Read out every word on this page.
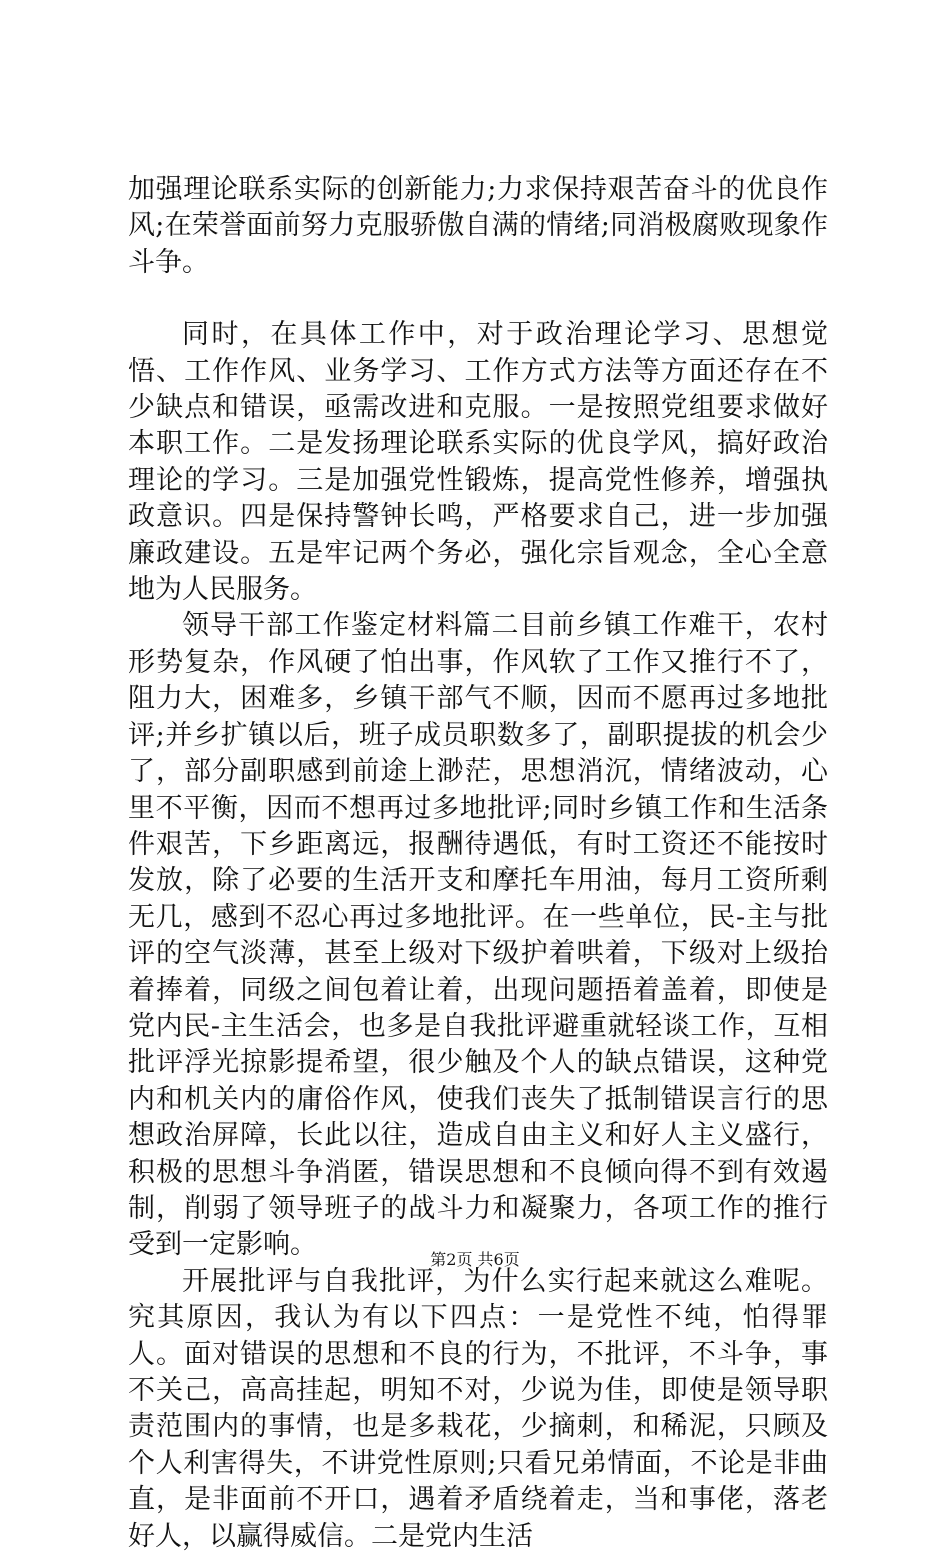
加强理论联系实际的创新能力;力求保持艰苦奋斗的优良作风;在荣誉面前努力克服骄傲自满的情绪;同消极腐败现象作斗争。

同时，在具体工作中，对于政治理论学习、思想觉悟、工作作风、业务学习、工作方式方法等方面还存在不少缺点和错误，亟需改进和克服。一是按照党组要求做好本职工作。二是发扬理论联系实际的优良学风，搞好政治理论的学习。三是加强党性锻炼，提高党性修养，增强执政意识。四是保持警钟长鸣，严格要求自己，进一步加强廉政建设。五是牢记两个务必，强化宗旨观念，全心全意地为人民服务。

领导干部工作鉴定材料篇二目前乡镇工作难干，农村形势复杂，作风硬了怕出事，作风软了工作又推行不了，阻力大，困难多，乡镇干部气不顺，因而不愿再过多地批评;并乡扩镇以后，班子成员职数多了，副职提拔的机会少了，部分副职感到前途上渺茫，思想消沉，情绪波动，心里不平衡，因而不想再过多地批评;同时乡镇工作和生活条件艰苦，下乡距离远，报酬待遇低，有时工资还不能按时发放，除了必要的生活开支和摩托车用油，每月工资所剩无几，感到不忍心再过多地批评。在一些单位，民-主与批评的空气淡薄，甚至上级对下级护着哄着，下级对上级抬着捧着，同级之间包着让着，出现问题捂着盖着，即使是党内民-主生活会，也多是自我批评避重就轻谈工作，互相批评浮光掠影提希望，很少触及个人的缺点错误，这种党内和机关内的庸俗作风，使我们丧失了抵制错误言行的思想政治屏障，长此以往，造成自由主义和好人主义盛行，积极的思想斗争消匿，错误思想和不良倾向得不到有效遏制，削弱了领导班子的战斗力和凝聚力，各项工作的推行受到一定影响。

开展批评与自我批评，为什么实行起来就这么难呢。究其原因，我认为有以下四点：一是党性不纯，怕得罪人。面对错误的思想和不良的行为，不批评，不斗争，事不关己，高高挂起，明知不对，少说为佳，即使是领导职责范围内的事情，也是多栽花，少摘刺，和稀泥，只顾及个人利害得失，不讲党性原则;只看兄弟情面，不论是非曲直，是非面前不开口，遇着矛盾绕着走，当和事佬，落老好人，以赢得威信。二是党内生活

第2页 共6页
